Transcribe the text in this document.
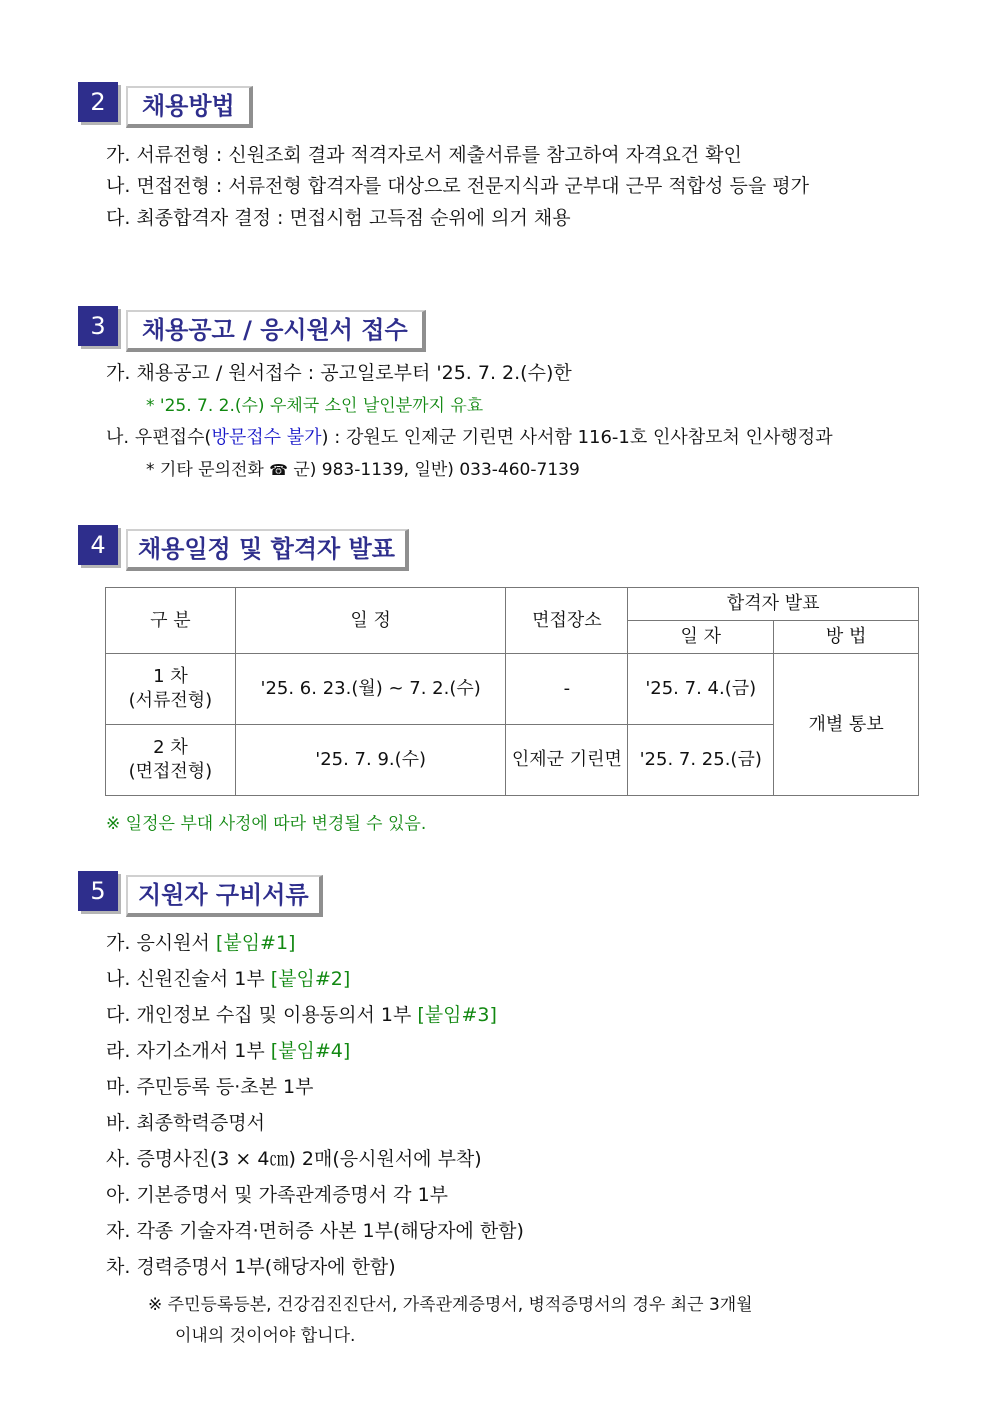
2	채용방법
가. 서류전형 : 신원조회 결과 적격자로서 제출서류를 참고하여 자격요건 확인
나. 면접전형 : 서류전형 합격자를 대상으로 전문지식과 군부대 근무 적합성 등을 평가
다. 최종합격자 결정 : 면접시험 고득점 순위에 의거 채용
3	채용공고 / 응시원서 접수
가. 채용공고 / 원서접수 : 공고일로부터 '25. 7. 2.(수)한
* '25. 7. 2.(수) 우체국 소인 날인분까지 유효
나. 우편접수(방문접수 불가) : 강원도 인제군 기린면 사서함 116-1호 인사참모처 인사행정과
* 기타 문의전화 ☎ 군) 983-1139, 일반) 033-460-7139
4	채용일정 및 합격자 발표
구 분	일 정	면접장소	합격자 발표	
			일 자	방 법

1 차
(서류전형)	'25. 6. 23.(월) ~ 7. 2.(수)	-	'25. 7. 4.(금)	개별 통보

2 차
(면접전형)	'25. 7. 9.(수)	인제군 기린면	'25. 7. 25.(금)	
※ 일정은 부대 사정에 따라 변경될 수 있음.
5	지원자 구비서류
가. 응시원서 [붙임#1]
나. 신원진술서 1부 [붙임#2]
다. 개인정보 수집 및 이용동의서 1부 [붙임#3]
라. 자기소개서 1부 [붙임#4]
마. 주민등록 등·초본 1부
바. 최종학력증명서
사. 증명사진(3 × 4㎝) 2매(응시원서에 부착)
아. 기본증명서 및 가족관계증명서 각 1부
자. 각종 기술자격·면허증 사본 1부(해당자에 한함)
차. 경력증명서 1부(해당자에 한함)
※ 주민등록등본, 건강검진진단서, 가족관계증명서, 병적증명서의 경우 최근 3개월
이내의 것이어야 합니다.
